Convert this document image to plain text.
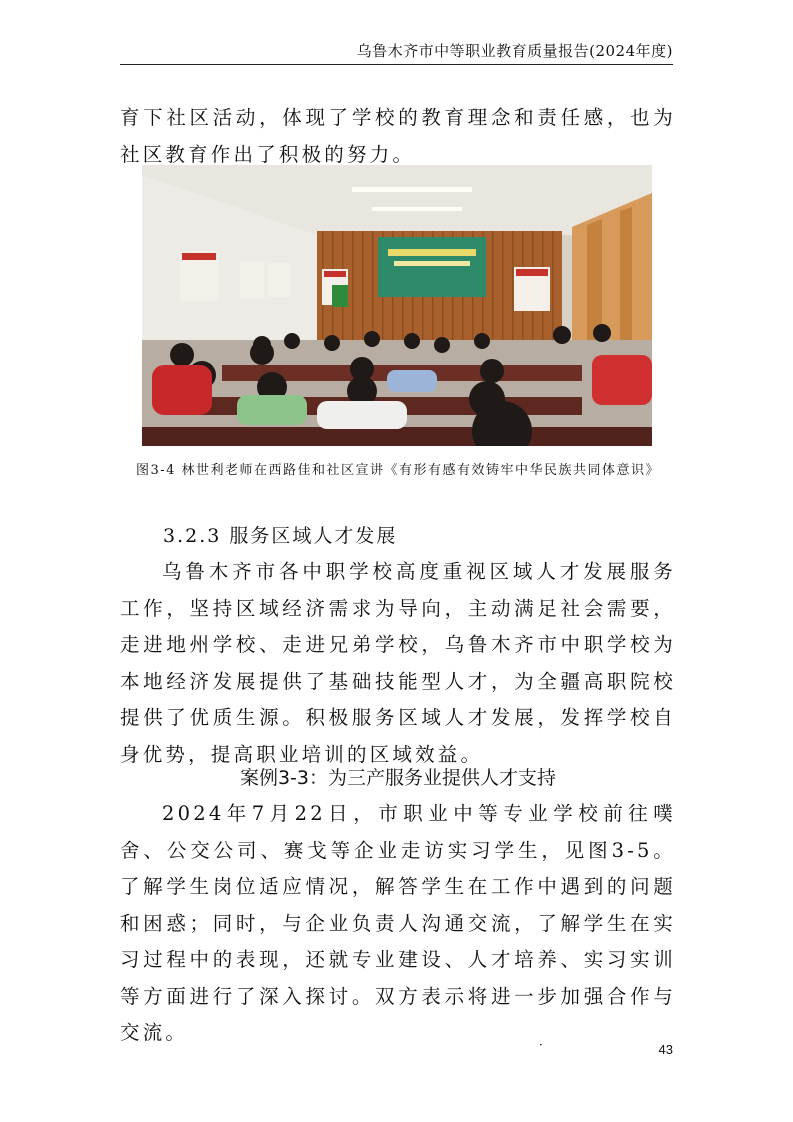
乌鲁木齐市中等职业教育质量报告(2024年度)

育下社区活动，体现了学校的教育理念和责任感，也为社区教育作出了积极的努力。

图3-4 林世利老师在西路佳和社区宣讲《有形有感有效铸牢中华民族共同体意识》
3.2.3 服务区域人才发展

乌鲁木齐市各中职学校高度重视区域人才发展服务工作，坚持区域经济需求为导向，主动满足社会需要，走进地州学校、走进兄弟学校，乌鲁木齐市中职学校为本地经济发展提供了基础技能型人才，为全疆高职院校提供了优质生源。积极服务区域人才发展，发挥学校自身优势，提高职业培训的区域效益。

案例3-3：为三产服务业提供人才支持

2024年7月22日，市职业中等专业学校前往噗舍、公交公司、赛戈等企业走访实习学生，见图3-5。了解学生岗位适应情况，解答学生在工作中遇到的问题和困惑；同时，与企业负责人沟通交流，了解学生在实习过程中的表现，还就专业建设、人才培养、实习实训等方面进行了深入探讨。双方表示将进一步加强合作与交流。

·	43
